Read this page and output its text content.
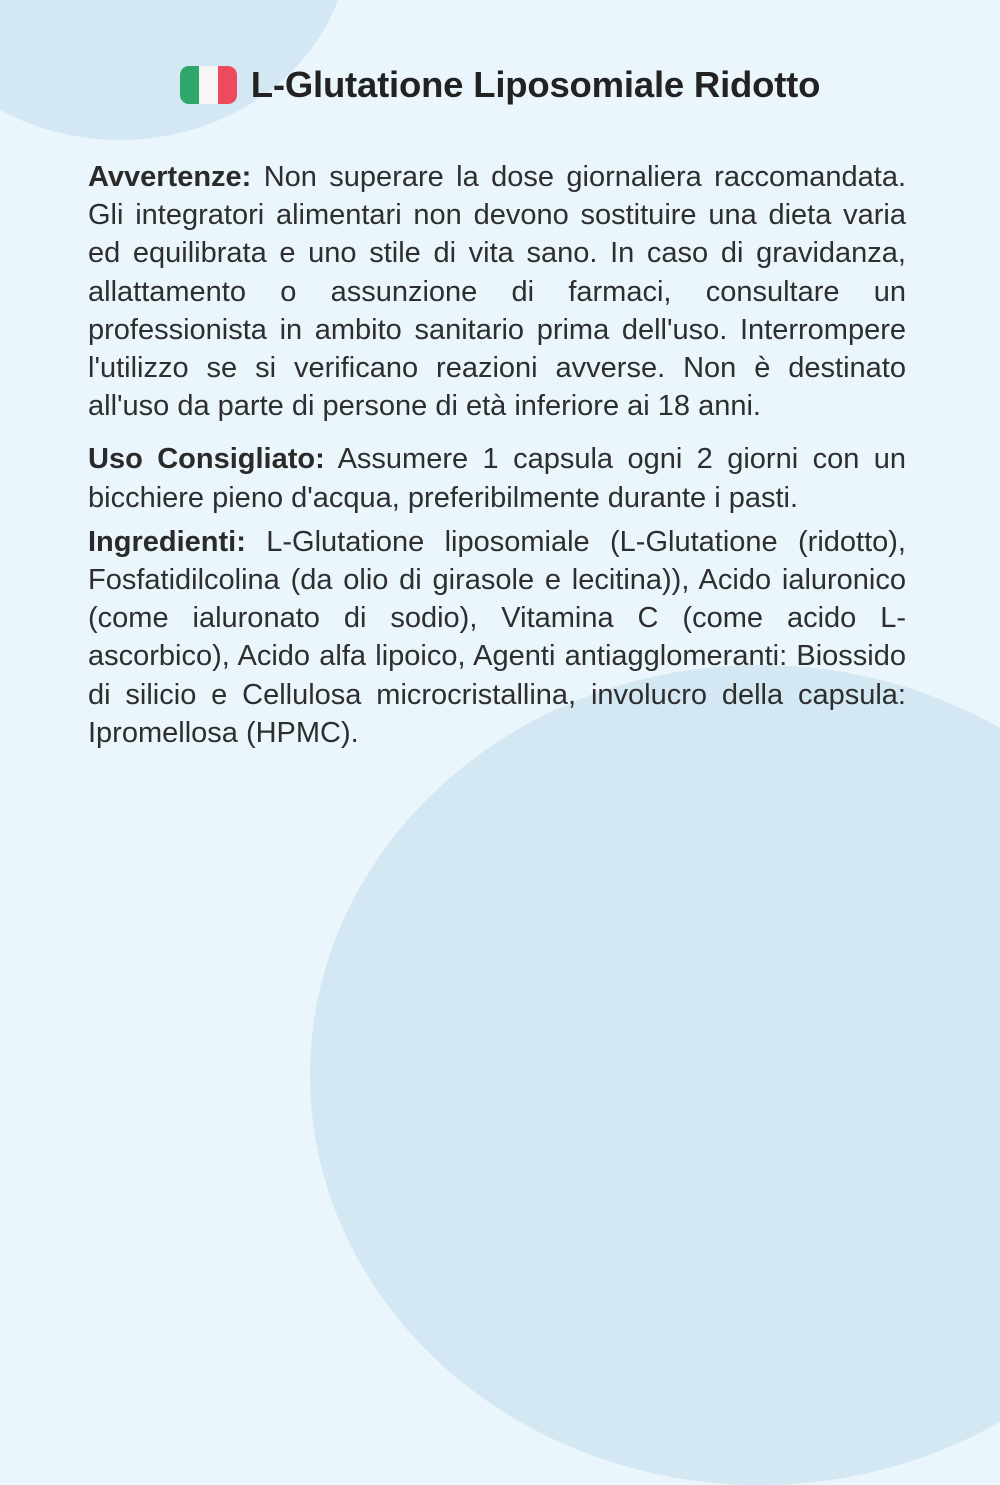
L-Glutatione Liposomiale Ridotto

Avvertenze: Non superare la dose giornaliera raccomandata. Gli integratori alimentari non devono sostituire una dieta varia ed equilibrata e uno stile di vita sano. In caso di gravidanza, allattamento o assunzione di farmaci, consultare un professionista in ambito sanitario prima dell'uso. Interrompere l'utilizzo se si verificano reazioni avverse. Non è destinato all'uso da parte di persone di età inferiore ai 18 anni.

Uso Consigliato: Assumere 1 capsula ogni 2 giorni con un bicchiere pieno d'acqua, preferibilmente durante i pasti.

Ingredienti: L-Glutatione liposomiale (L-Glutatione (ridotto), Fosfatidilcolina (da olio di girasole e lecitina)), Acido ialuronico (come ialuronato di sodio), Vitamina C (come acido L-ascorbico), Acido alfa lipoico, Agenti antiagglomeranti: Biossido di silicio e Cellulosa microcristallina, involucro della capsula: Ipromellosa (HPMC).
